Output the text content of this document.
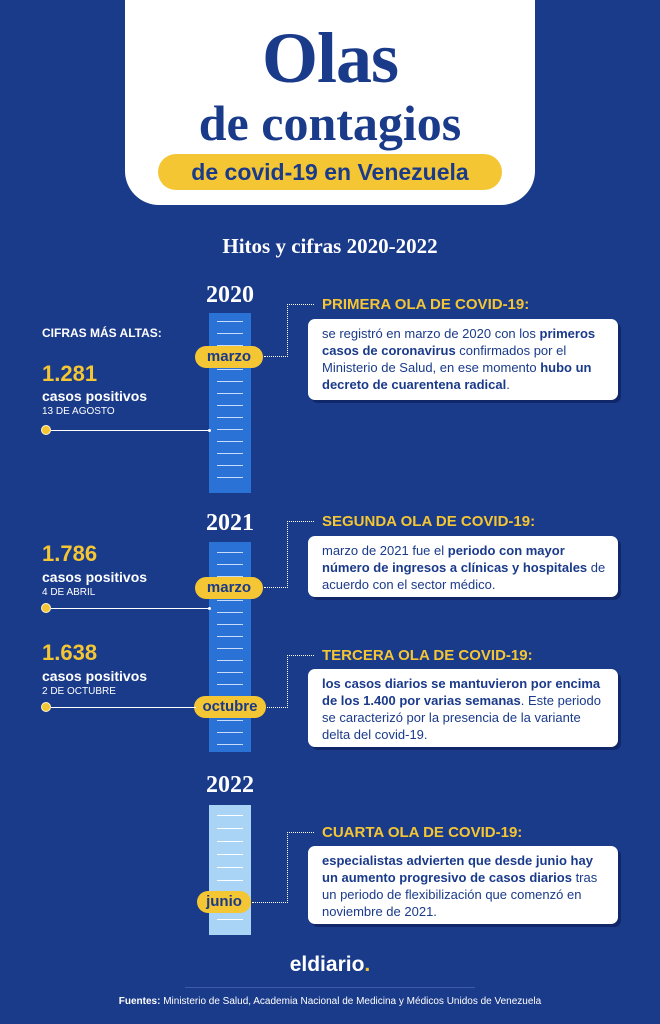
Olas
de contagios
de covid-19 en Venezuela
Hitos y cifras 2020-2022
2020
2021
2022
marzo
marzo
octubre
junio
CIFRAS MÁS ALTAS:
1.281
casos positivos
13 DE AGOSTO
1.786
casos positivos
4 DE ABRIL
1.638
casos positivos
2 DE OCTUBRE
PRIMERA OLA DE COVID-19:
se registró en marzo de 2020 con los primeros casos de coronavirus confirmados por el Ministerio de Salud, en ese momento hubo un decreto de cuarentena radical.
SEGUNDA OLA DE COVID-19:
marzo de 2021 fue el periodo con mayor número de ingresos a clínicas y hospitales de acuerdo con el sector médico.
TERCERA OLA DE COVID-19:
los casos diarios se mantuvieron por encima de los 1.400 por varias semanas. Este periodo se caracterizó por la presencia de la variante delta del covid-19.
CUARTA OLA DE COVID-19:
especialistas advierten que desde junio hay un aumento progresivo de casos diarios tras un periodo de flexibilización que comenzó en noviembre de 2021.
eldiario.
Fuentes: Ministerio de Salud, Academia Nacional de Medicina y Médicos Unidos de Venezuela
